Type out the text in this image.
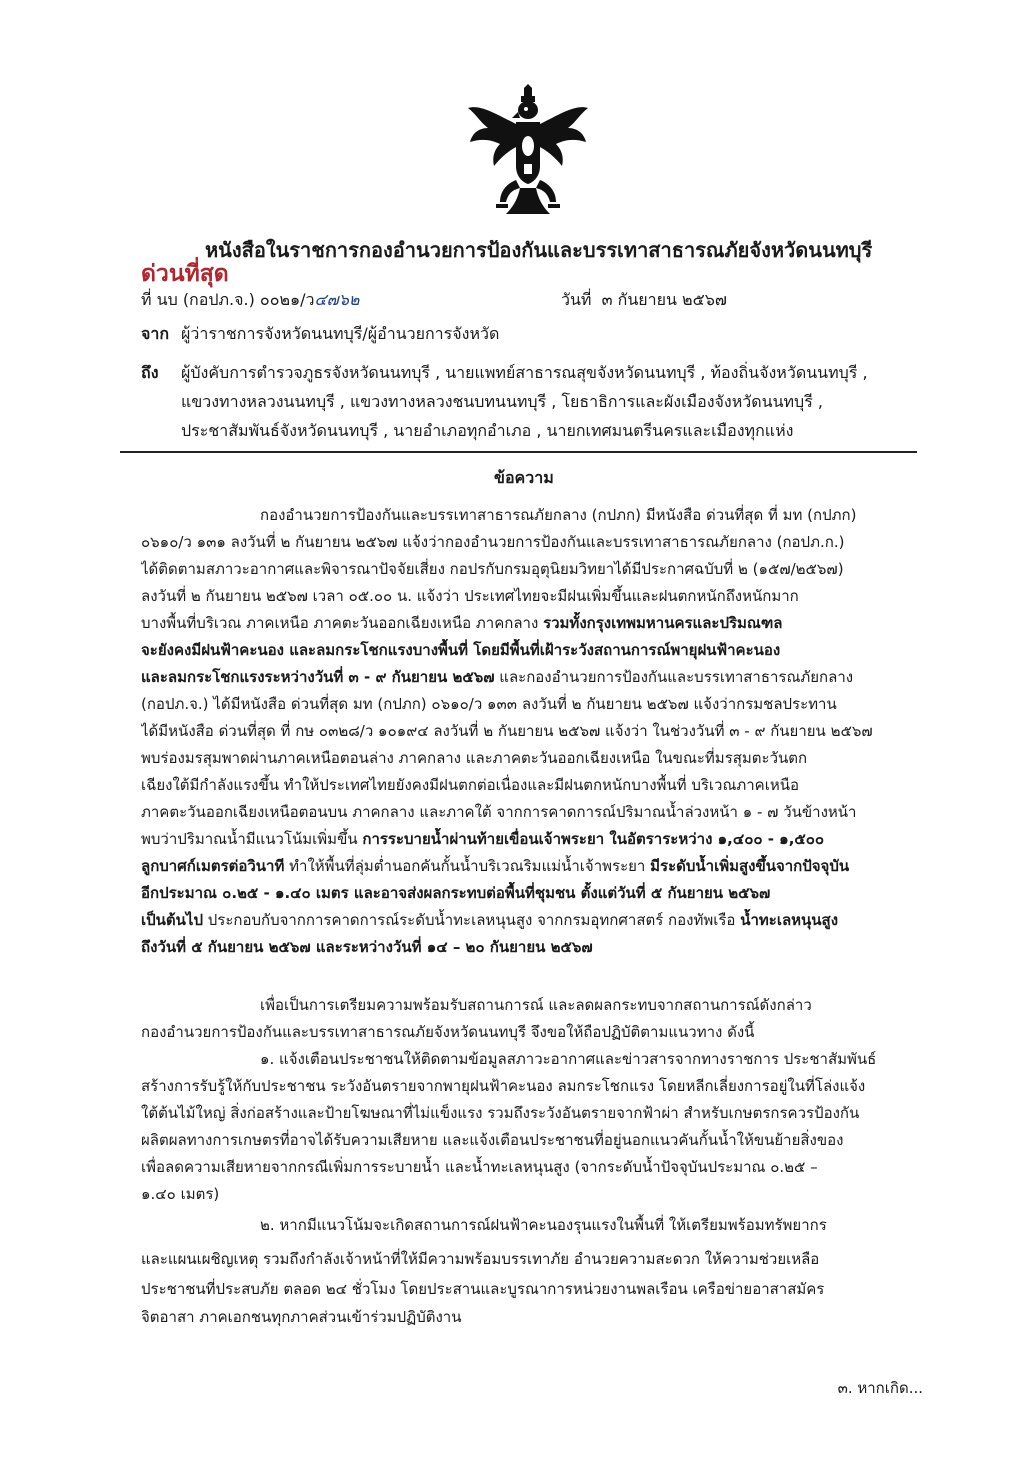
หนังสือในราชการกองอำนวยการป้องกันและบรรเทาสาธารณภัยจังหวัดนนทบุรี
ด่วนที่สุด
ที่ นบ (กอปภ.จ.) ๐๐๒๑/ว๔๗๖๒	วันที่ ๓ กันยายน ๒๕๖๗
จาก ผู้ว่าราชการจังหวัดนนทบุรี/ผู้อำนวยการจังหวัด
ถึง ผู้บังคับการตำรวจภูธรจังหวัดนนทบุรี , นายแพทย์สาธารณสุขจังหวัดนนทบุรี , ท้องถิ่นจังหวัดนนทบุรี ,
แขวงทางหลวงนนทบุรี , แขวงทางหลวงชนบทนนทบุรี , โยธาธิการและผังเมืองจังหวัดนนทบุรี ,
ประชาสัมพันธ์จังหวัดนนทบุรี , นายอำเภอทุกอำเภอ , นายกเทศมนตรีนครและเมืองทุกแห่ง
ข้อความ
กองอำนวยการป้องกันและบรรเทาสาธารณภัยกลาง (กปภก) มีหนังสือ ด่วนที่สุด ที่ มท (กปภก)
๐๖๑๐/ว ๑๓๑ ลงวันที่ ๒ กันยายน ๒๕๖๗ แจ้งว่ากองอำนวยการป้องกันและบรรเทาสาธารณภัยกลาง (กอปภ.ก.)
ได้ติดตามสภาวะอากาศและพิจารณาปัจจัยเสี่ยง กอปรกับกรมอุตุนิยมวิทยาได้มีประกาศฉบับที่ ๒ (๑๕๗/๒๕๖๗)
ลงวันที่ ๒ กันยายน ๒๕๖๗ เวลา ๐๕.๐๐ น. แจ้งว่า ประเทศไทยจะมีฝนเพิ่มขึ้นและฝนตกหนักถึงหนักมาก
บางพื้นที่บริเวณ ภาคเหนือ ภาคตะวันออกเฉียงเหนือ ภาคกลาง รวมทั้งกรุงเทพมหานครและปริมณฑล
จะยังคงมีฝนฟ้าคะนอง และลมกระโชกแรงบางพื้นที่ โดยมีพื้นที่เฝ้าระวังสถานการณ์พายุฝนฟ้าคะนอง
และลมกระโชกแรงระหว่างวันที่ ๓ - ๙ กันยายน ๒๕๖๗ และกองอำนวยการป้องกันและบรรเทาสาธารณภัยกลาง
(กอปภ.จ.) ได้มีหนังสือ ด่วนที่สุด มท (กปภก) ๐๖๑๐/ว ๑๓๓ ลงวันที่ ๒ กันยายน ๒๕๖๗ แจ้งว่ากรมชลประทาน
ได้มีหนังสือ ด่วนที่สุด ที่ กษ ๐๓๒๘/ว ๑๐๑๙๔ ลงวันที่ ๒ กันยายน ๒๕๖๗ แจ้งว่า ในช่วงวันที่ ๓ - ๙ กันยายน ๒๕๖๗
พบร่องมรสุมพาดผ่านภาคเหนือตอนล่าง ภาคกลาง และภาคตะวันออกเฉียงเหนือ ในขณะที่มรสุมตะวันตก
เฉียงใต้มีกำลังแรงขึ้น ทำให้ประเทศไทยยังคงมีฝนตกต่อเนื่องและมีฝนตกหนักบางพื้นที่ บริเวณภาคเหนือ
ภาคตะวันออกเฉียงเหนือตอนบน ภาคกลาง และภาคใต้ จากการคาดการณ์ปริมาณน้ำล่วงหน้า ๑ - ๗ วันข้างหน้า
พบว่าปริมาณน้ำมีแนวโน้มเพิ่มขึ้น การระบายน้ำผ่านท้ายเขื่อนเจ้าพระยา ในอัตราระหว่าง ๑,๔๐๐ - ๑,๕๐๐
ลูกบาศก์เมตรต่อวินาที ทำให้พื้นที่ลุ่มต่ำนอกคันกั้นน้ำบริเวณริมแม่น้ำเจ้าพระยา มีระดับน้ำเพิ่มสูงขึ้นจากปัจจุบัน
อีกประมาณ ๐.๒๕ - ๑.๔๐ เมตร และอาจส่งผลกระทบต่อพื้นที่ชุมชน ตั้งแต่วันที่ ๕ กันยายน ๒๕๖๗
เป็นต้นไป ประกอบกับจากการคาดการณ์ระดับน้ำทะเลหนุนสูง จากกรมอุทกศาสตร์ กองทัพเรือ น้ำทะเลหนุนสูง
ถึงวันที่ ๕ กันยายน ๒๕๖๗ และระหว่างวันที่ ๑๔ – ๒๐ กันยายน ๒๕๖๗
เพื่อเป็นการเตรียมความพร้อมรับสถานการณ์ และลดผลกระทบจากสถานการณ์ดังกล่าว
กองอำนวยการป้องกันและบรรเทาสาธารณภัยจังหวัดนนทบุรี จึงขอให้ถือปฏิบัติตามแนวทาง ดังนี้
๑. แจ้งเตือนประชาชนให้ติดตามข้อมูลสภาวะอากาศและข่าวสารจากทางราชการ ประชาสัมพันธ์
สร้างการรับรู้ให้กับประชาชน ระวังอันตรายจากพายุฝนฟ้าคะนอง ลมกระโชกแรง โดยหลีกเลี่ยงการอยู่ในที่โล่งแจ้ง
ใต้ต้นไม้ใหญ่ สิ่งก่อสร้างและป้ายโฆษณาที่ไม่แข็งแรง รวมถึงระวังอันตรายจากฟ้าผ่า สำหรับเกษตรกรควรป้องกัน
ผลิตผลทางการเกษตรที่อาจได้รับความเสียหาย และแจ้งเตือนประชาชนที่อยู่นอกแนวคันกั้นน้ำให้ขนย้ายสิ่งของ
เพื่อลดความเสียหายจากกรณีเพิ่มการระบายน้ำ และน้ำทะเลหนุนสูง (จากระดับน้ำปัจจุบันประมาณ ๐.๒๕ –
๑.๔๐ เมตร)
๒. หากมีแนวโน้มจะเกิดสถานการณ์ฝนฟ้าคะนองรุนแรงในพื้นที่ ให้เตรียมพร้อมทรัพยากร
และแผนเผชิญเหตุ รวมถึงกำลังเจ้าหน้าที่ให้มีความพร้อมบรรเทาภัย อำนวยความสะดวก ให้ความช่วยเหลือ
ประชาชนที่ประสบภัย ตลอด ๒๔ ชั่วโมง โดยประสานและบูรณาการหน่วยงานพลเรือน เครือข่ายอาสาสมัคร
จิตอาสา ภาคเอกชนทุกภาคส่วนเข้าร่วมปฏิบัติงาน
๓. หากเกิด...
